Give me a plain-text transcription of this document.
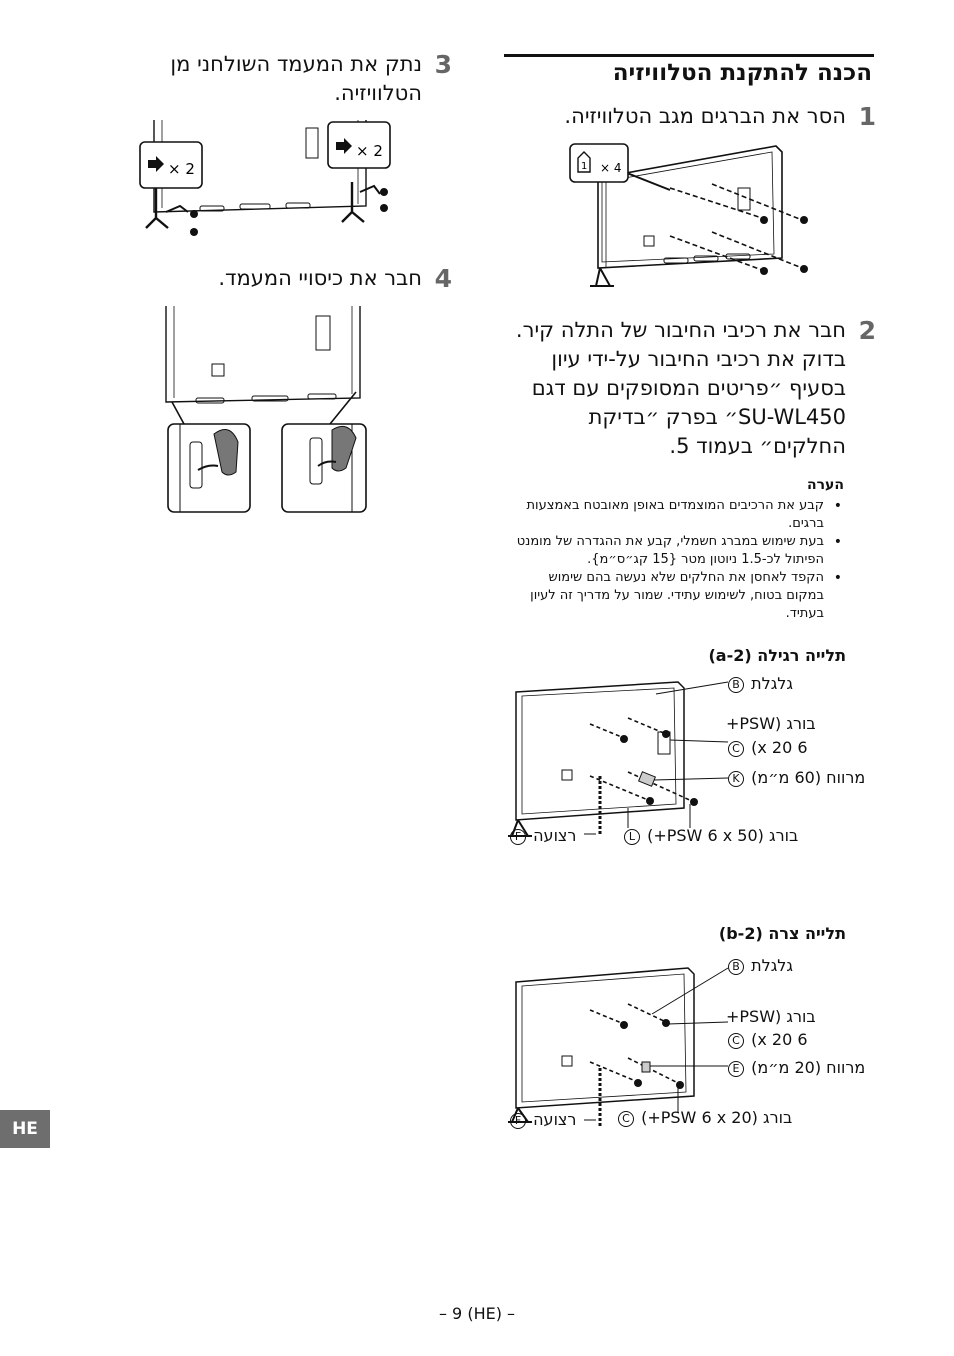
הכנה להתקנת הטלוויזיה
1
הסר את הברגים מגב הטלוויזיה.
1 × 4
2
חבר את רכיבי החיבור של התלה קיר. בדוק את רכיבי החיבור על-ידי עיון בסעיף ״פריטים המסופקים עם דגם SU-WL450״ בפרק ״בדיקת החלקים״ בעמוד 5.
הערה
• קבע את הרכיבים המוצמדים באופן מאובטח באמצעות ברגים.
• בעת שימוש במברג חשמלי, קבע את ההגדרה של מומנט הפיתול לכ-1.5 ניוטון מטר {15 קג״ס״מ}.
• הקפד לאחסן את החלקים שלא נעשה בהם שימוש במקום בטוח, לשימוש עתידי. שמור על מדריך זה לעיון בעתיד.
תלייה רגילה (2-a)
גלגלת B
בורג (PSW+
6 x 20) C
מרווח (60 מ״מ) K
רצועה F	בורג (PSW 6 x 50+) L
תלייה צרה (2-b)
גלגלת B
בורג (PSW+
6 x 20) C
מרווח (20 מ״מ) E
רצועה F	בורג (PSW 6 x 20+) C
3
נתק את המעמד השולחני מן הטלוויזיה.
× 2
× 2
4
חבר את כיסויי המעמד.
HE
– 9 (HE) –
